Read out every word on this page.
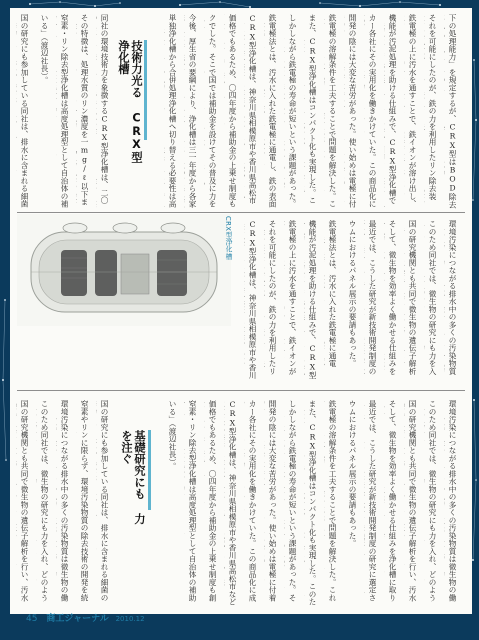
下の処理能力」を規定するが、CRX型はBOD除去
それを可能にしたのが、鉄の力を利用したリン除去装
鉄電極の上に汚水を通すことで、鉄イオンが溶け出し、
機能が汚泥処理を助ける仕組みで、CRX型浄化槽で
カー各社にその実用化を働きかけていた。この商品化に
開発の陰には大変な苦労があった。使い始めは電極に付
鉄電極の溶解条件を工夫することで問題を解決した。こ
また、CRX型浄化槽はコンパクト化も実現した。こ
しかしながら鉄電極の寿命が短いという課題があった。
鉄電極法とは、汚水に入れた鉄電極に通電し、鉄の表面
CRX型浄化槽は、神奈川県相模原市や香川県高松市
価格でもあるため、〇四年度から補助金の上乗せ制度も
クでした。そこで国では補助金を設けてその普及に力を
今後、厚生省の要綱により、浄化槽は三一年度から各家
単独浄化槽から合併処理浄化槽へ切り替える必要性は高
技術力光る CRX型浄化槽
同社の環境技術力を象徴するCRX型浄化槽は、二〇
その特徴は、処理水質のリン濃度を一mg/ℓ以下ま
窒素・リン除去型浄化槽は高度処理型として自治体の補
いる」（渡辺社長）。
国の研究にも参加している同社は、排水に含まれる細菌
CRX型浄化槽	環境汚染につながる排水中の多くの汚染物質
このため同社では、微生物の研究にも力を入
国の研究機関とも共同で微生物の遺伝子解析
そして、微生物を効率よく働かせる仕組みを
最近では、こうした研究が新技術開発制度の
ウムにおけるパネル展示の要請もあった。
鉄電極法とは、汚水に入れた鉄電極に通電
機能が汚泥処理を助ける仕組みで、CRX型
鉄電極の上に汚水を通すことで、鉄イオンが
それを可能にしたのが、鉄の力を利用したリ
CRX型浄化槽は、神奈川県相模原市や香川
環境汚染につながる排水中の多くの汚染物質は微生物の働
このため同社では、微生物の研究にも力を入れ、どのよう
国の研究機関とも共同で微生物の遺伝子解析を行い、汚水
そして、微生物を効率よく働かせる仕組みを浄化槽に取り
最近では、こうした研究が新技術開発制度の研究に選定さ
ウムにおけるパネル展示の要請もあった。
鉄電極の溶解条件を工夫することで問題を解決した。これ
また、CRX型浄化槽はコンパクト化も実現した。このた
しかしながら鉄電極の寿命が短いという課題があった。そ
開発の陰には大変な苦労があった。使い始めは電極に付着
カー各社にその実用化を働きかけていた。この商品化に成
CRX型浄化槽は、神奈川県相模原市や香川県高松市など
価格でもあるため、〇四年度から補助金の上乗せ制度も創
窒素・リン除去型浄化槽は高度処理型として自治体の補助
いる」（渡辺社長）。
基礎研究にも 力を注ぐ
国の研究にも参加している同社は、排水に含まれる細菌の
窒素やリンに限らず、環境汚染物質の除去技術の開発を続
環境汚染につながる排水中の多くの汚染物質は微生物の働
このため同社では、微生物の研究にも力を入れ、どのよう
国の研究機関とも共同で微生物の遺伝子解析を行い、汚水
45 商工ジャーナル 2010.12
